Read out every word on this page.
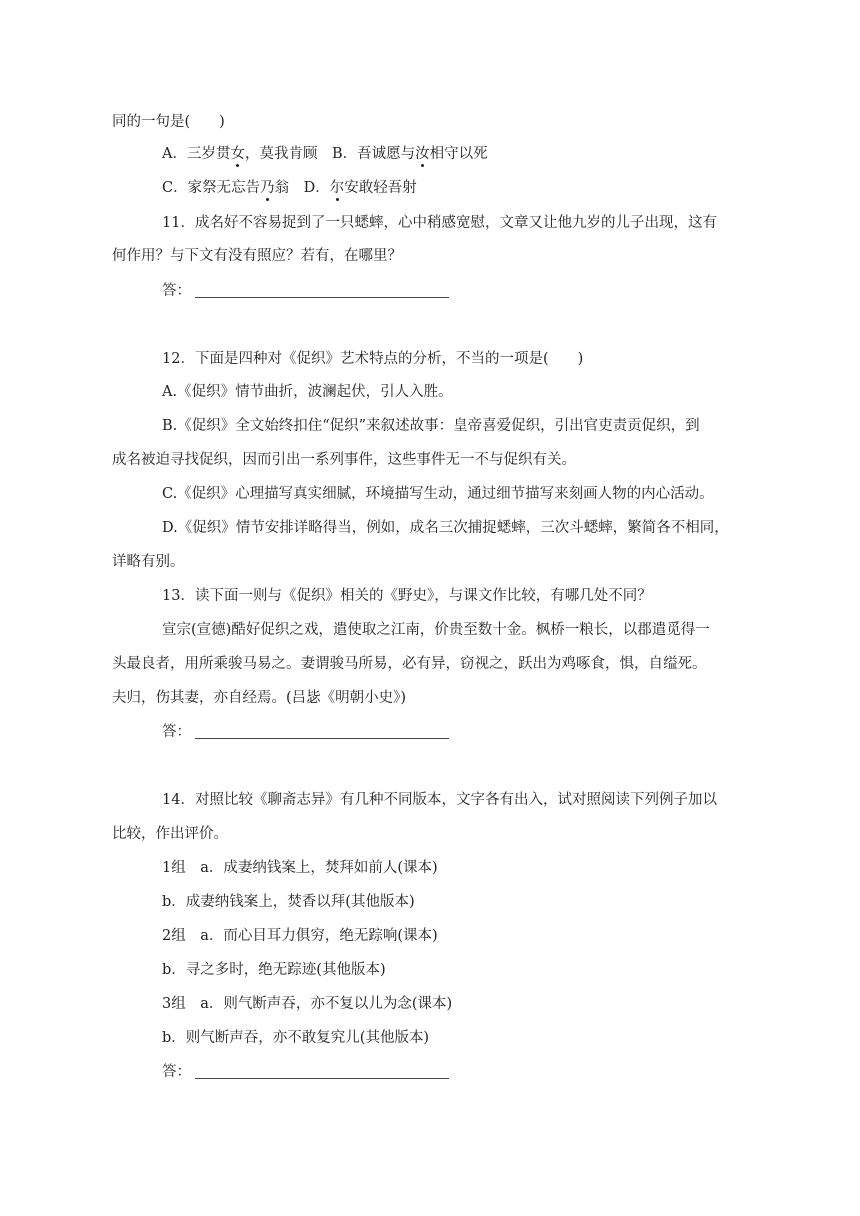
同的一句是(　　)
A．三岁贯女，莫我肯顾　B．吾诚愿与汝相守以死
C．家祭无忘告乃翁　D．尔安敢轻吾射
11．成名好不容易捉到了一只蟋蟀，心中稍感宽慰，文章又让他九岁的儿子出现，这有
何作用？与下文有没有照应？若有，在哪里？
答：
12．下面是四种对《促织》艺术特点的分析，不当的一项是(　　)
A.《促织》情节曲折，波澜起伏，引人入胜。
B.《促织》全文始终扣住“促织”来叙述故事：皇帝喜爱促织，引出官吏责贡促织，到
成名被迫寻找促织，因而引出一系列事件，这些事件无一不与促织有关。
C.《促织》心理描写真实细腻，环境描写生动，通过细节描写来刻画人物的内心活动。
D.《促织》情节安排详略得当，例如，成名三次捕捉蟋蟀，三次斗蟋蟀，繁简各不相同，
详略有别。
13．读下面一则与《促织》相关的《野史》，与课文作比较，有哪几处不同？
宣宗(宣德)酷好促织之戏，遣使取之江南，价贵至数十金。枫桥一粮长，以郡遣觅得一
头最良者，用所乘骏马易之。妻谓骏马所易，必有异，窃视之，跃出为鸡啄食，惧，自缢死。
夫归，伤其妻，亦自经焉。(吕毖《明朝小史》)
答：
14．对照比较《聊斋志异》有几种不同版本，文字各有出入，试对照阅读下列例子加以
比较，作出评价。
1组　a．成妻纳钱案上，焚拜如前人(课本)
b．成妻纳钱案上，焚香以拜(其他版本)
2组　a．而心目耳力俱穷，绝无踪响(课本)
b．寻之多时，绝无踪迹(其他版本)
3组　a．则气断声吞，亦不复以儿为念(课本)
b．则气断声吞，亦不敢复究儿(其他版本)
答：
